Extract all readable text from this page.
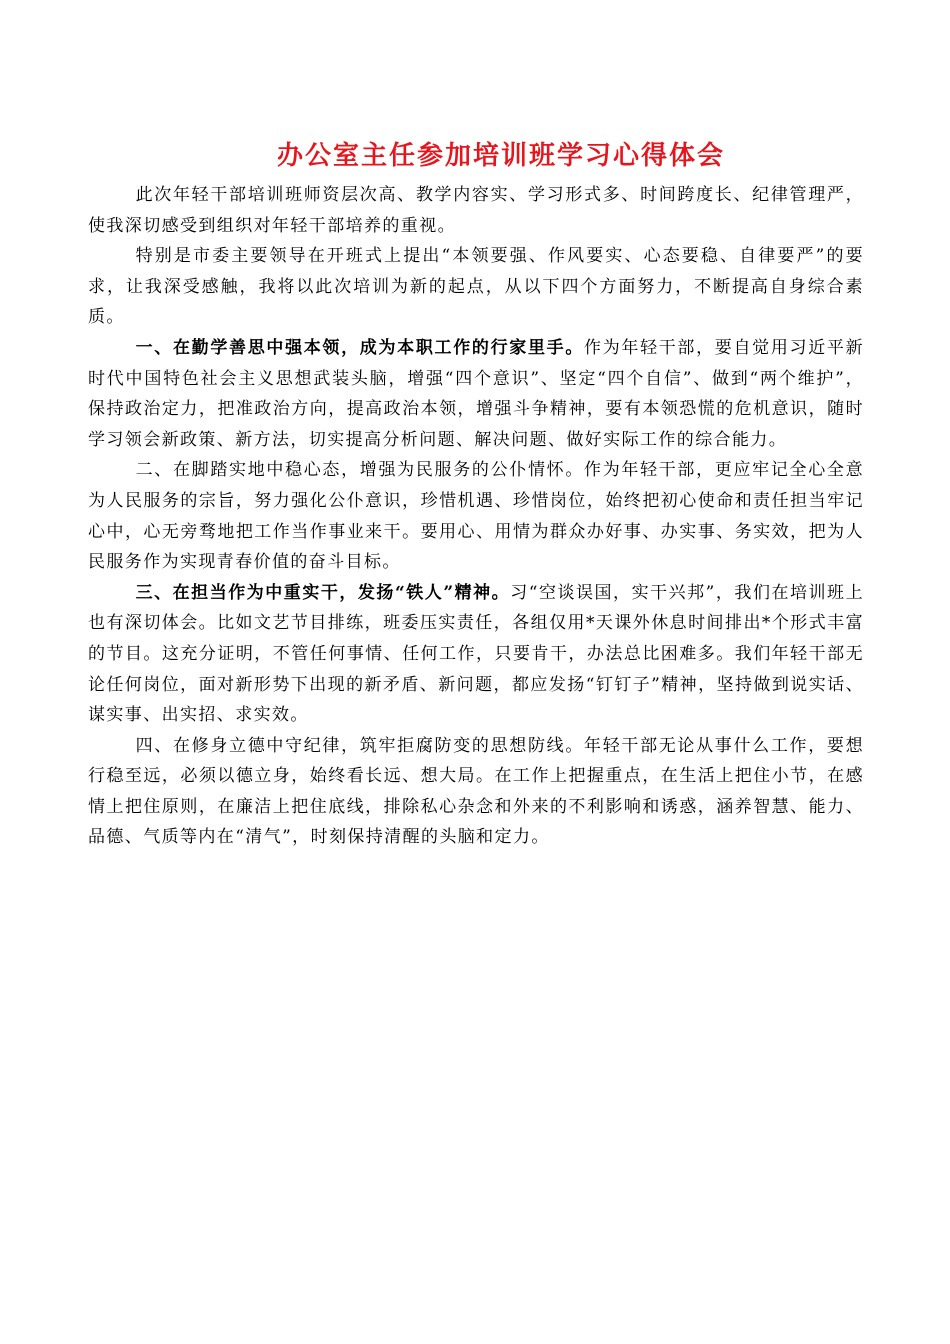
办公室主任参加培训班学习心得体会

此次年轻干部培训班师资层次高、教学内容实、学习形式多、时间跨度长、纪律管理严，使我深切感受到组织对年轻干部培养的重视。

特别是市委主要领导在开班式上提出“本领要强、作风要实、心态要稳、自律要严”的要求，让我深受感触，我将以此次培训为新的起点，从以下四个方面努力，不断提高自身综合素质。

一、在勤学善思中强本领，成为本职工作的行家里手。作为年轻干部，要自觉用习近平新时代中国特色社会主义思想武装头脑，增强“四个意识”、坚定“四个自信”、做到“两个维护”，保持政治定力，把准政治方向，提高政治本领，增强斗争精神，要有本领恐慌的危机意识，随时学习领会新政策、新方法，切实提高分析问题、解决问题、做好实际工作的综合能力。

二、在脚踏实地中稳心态，增强为民服务的公仆情怀。作为年轻干部，更应牢记全心全意为人民服务的宗旨，努力强化公仆意识，珍惜机遇、珍惜岗位，始终把初心使命和责任担当牢记心中，心无旁骛地把工作当作事业来干。要用心、用情为群众办好事、办实事、务实效，把为人民服务作为实现青春价值的奋斗目标。

三、在担当作为中重实干，发扬“铁人”精神。习“空谈误国，实干兴邦”，我们在培训班上也有深切体会。比如文艺节目排练，班委压实责任，各组仅用*天课外休息时间排出*个形式丰富的节目。这充分证明，不管任何事情、任何工作，只要肯干，办法总比困难多。我们年轻干部无论任何岗位，面对新形势下出现的新矛盾、新问题，都应发扬“钉钉子”精神，坚持做到说实话、谋实事、出实招、求实效。

四、在修身立德中守纪律，筑牢拒腐防变的思想防线。年轻干部无论从事什么工作，要想行稳至远，必须以德立身，始终看长远、想大局。在工作上把握重点，在生活上把住小节，在感情上把住原则，在廉洁上把住底线，排除私心杂念和外来的不利影响和诱惑，涵养智慧、能力、品德、气质等内在“清气”，时刻保持清醒的头脑和定力。
